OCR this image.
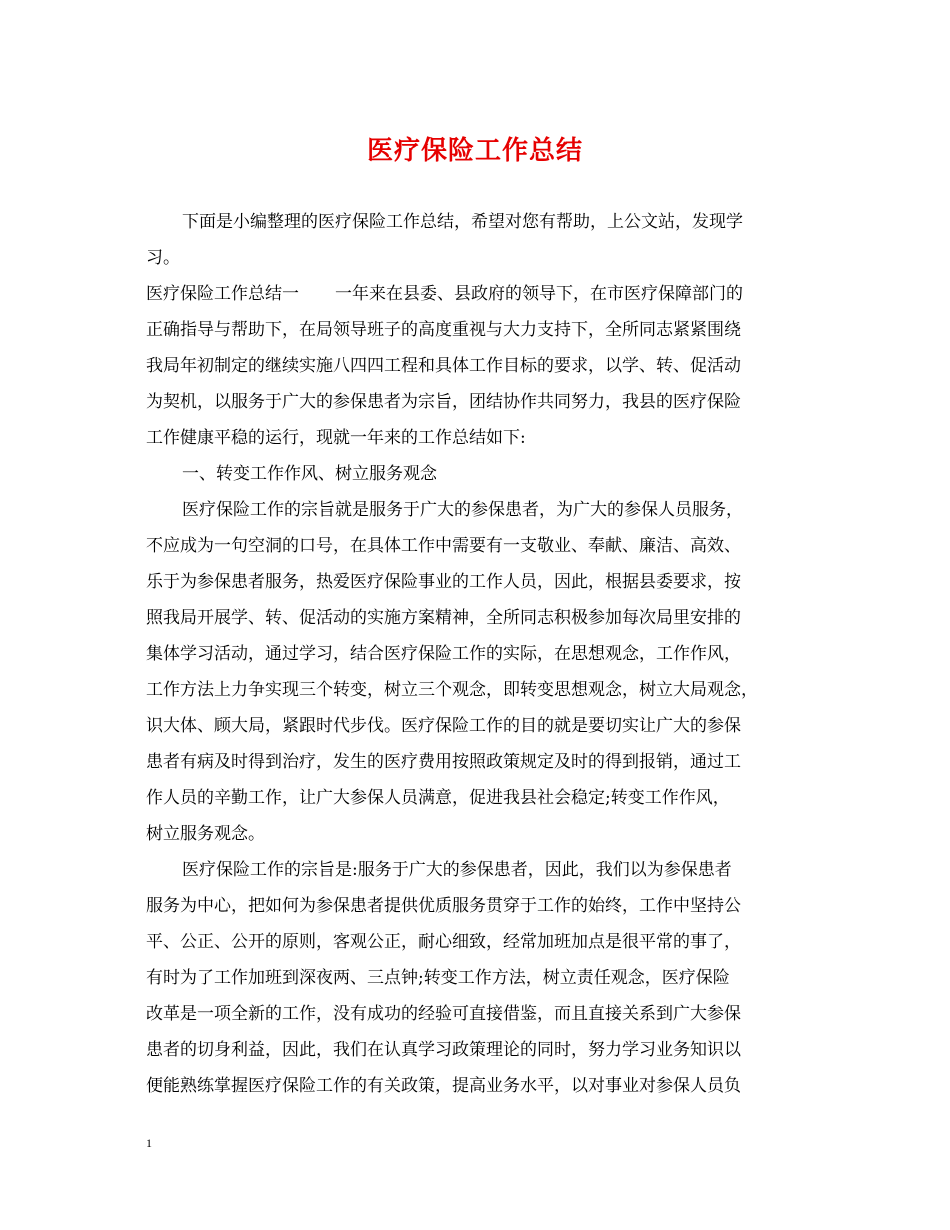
医疗保险工作总结
下面是小编整理的医疗保险工作总结，希望对您有帮助，上公文站，发现学
习。
医疗保险工作总结一 一年来在县委、县政府的领导下，在市医疗保障部门的
正确指导与帮助下，在局领导班子的高度重视与大力支持下，全所同志紧紧围绕
我局年初制定的继续实施八四四工程和具体工作目标的要求，以学、转、促活动
为契机，以服务于广大的参保患者为宗旨，团结协作共同努力，我县的医疗保险
工作健康平稳的运行，现就一年来的工作总结如下:
一、转变工作作风、树立服务观念
医疗保险工作的宗旨就是服务于广大的参保患者，为广大的参保人员服务，
不应成为一句空洞的口号，在具体工作中需要有一支敬业、奉献、廉洁、高效、
乐于为参保患者服务，热爱医疗保险事业的工作人员，因此，根据县委要求，按
照我局开展学、转、促活动的实施方案精神，全所同志积极参加每次局里安排的
集体学习活动，通过学习，结合医疗保险工作的实际，在思想观念，工作作风，
工作方法上力争实现三个转变，树立三个观念，即转变思想观念，树立大局观念，
识大体、顾大局，紧跟时代步伐。医疗保险工作的目的就是要切实让广大的参保
患者有病及时得到治疗，发生的医疗费用按照政策规定及时的得到报销，通过工
作人员的辛勤工作，让广大参保人员满意，促进我县社会稳定;转变工作作风，
树立服务观念。
医疗保险工作的宗旨是:服务于广大的参保患者，因此，我们以为参保患者
服务为中心，把如何为参保患者提供优质服务贯穿于工作的始终，工作中坚持公
平、公正、公开的原则，客观公正，耐心细致，经常加班加点是很平常的事了，
有时为了工作加班到深夜两、三点钟;转变工作方法，树立责任观念，医疗保险
改革是一项全新的工作，没有成功的经验可直接借鉴，而且直接关系到广大参保
患者的切身利益，因此，我们在认真学习政策理论的同时，努力学习业务知识以
便能熟练掌握医疗保险工作的有关政策，提高业务水平，以对事业对参保人员负
1
